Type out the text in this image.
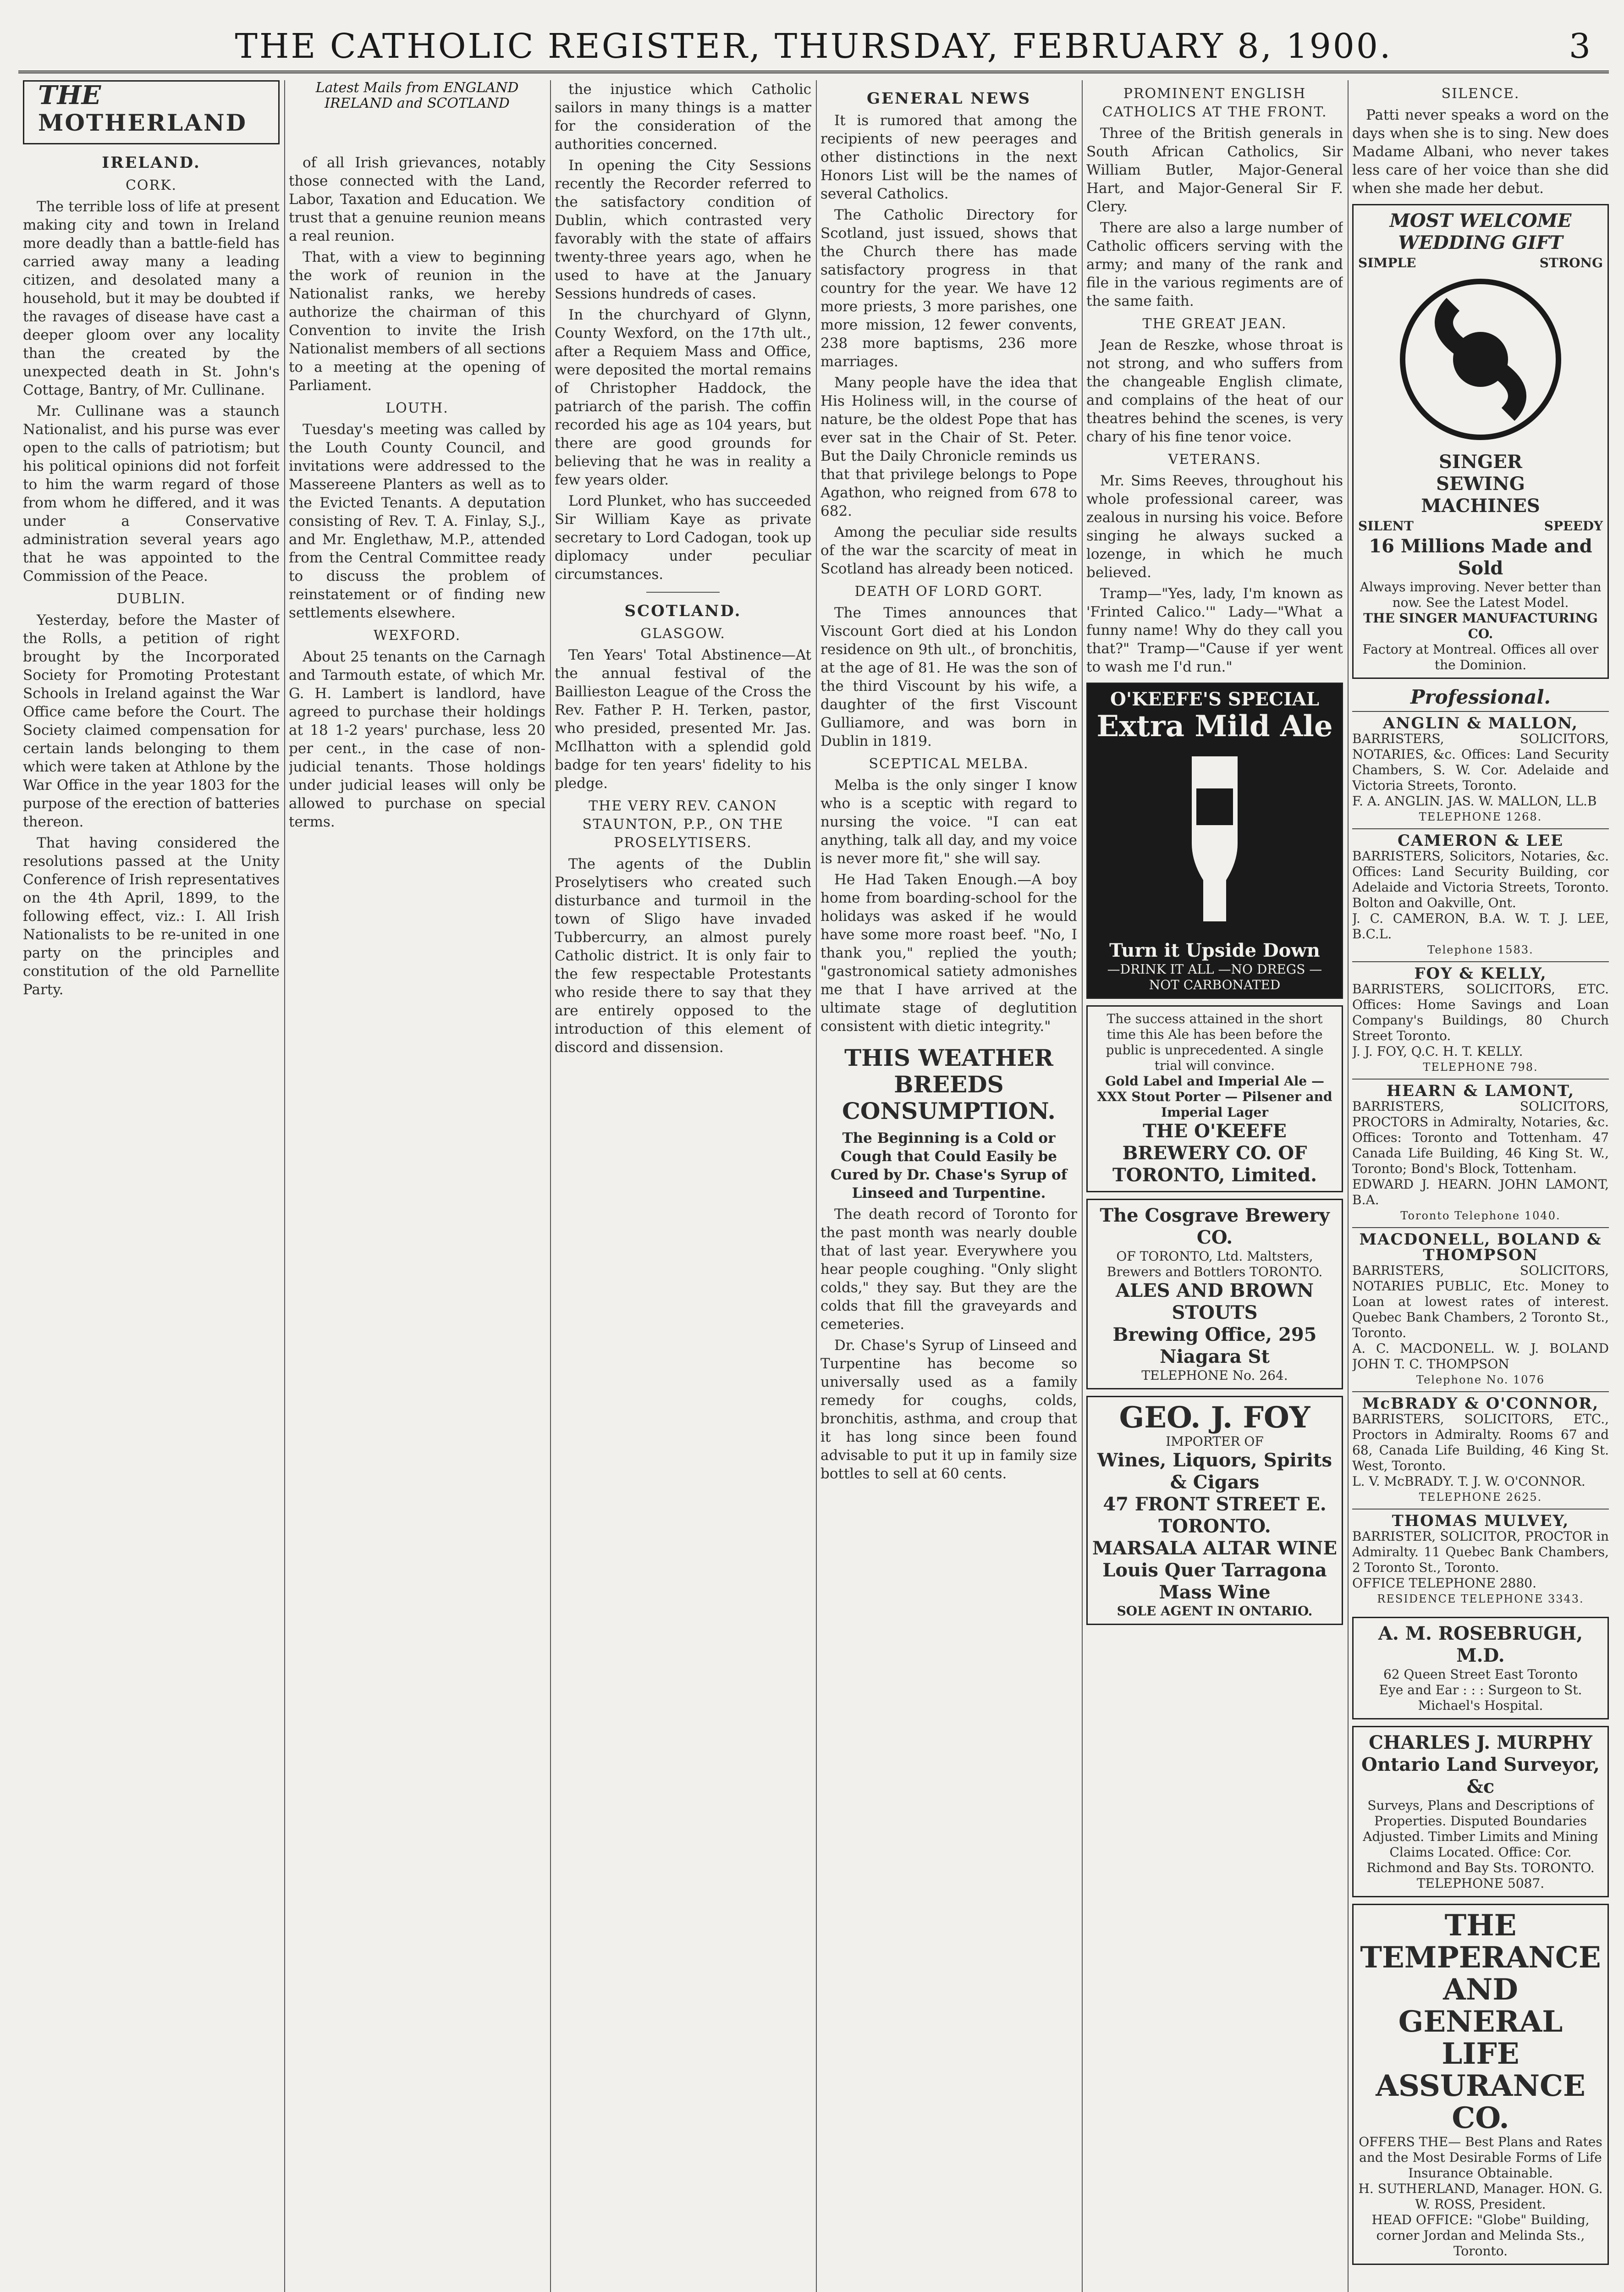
THE CATHOLIC REGISTER, THURSDAY, FEBRUARY 8, 1900.	3
THE
MOTHERLAND
IRELAND.
CORK.

The terrible loss of life at present making city and town in Ireland more deadly than a battle-field has carried away many a leading citizen, and desolated many a household, but it may be doubted if the ravages of disease have cast a deeper gloom over any locality than the created by the unexpected death in St. John's Cottage, Bantry, of Mr. Cullinane.

Mr. Cullinane was a staunch Nationalist, and his purse was ever open to the calls of patriotism; but his political opinions did not forfeit to him the warm regard of those from whom he differed, and it was under a Conservative administration several years ago that he was appointed to the Commission of the Peace.

DUBLIN.

Yesterday, before the Master of the Rolls, a petition of right brought by the Incorporated Society for Promoting Protestant Schools in Ireland against the War Office came before the Court. The Society claimed compensation for certain lands belonging to them which were taken at Athlone by the War Office in the year 1803 for the purpose of the erection of batteries thereon.

That having considered the resolutions passed at the Unity Conference of Irish representatives on the 4th April, 1899, to the following effect, viz.: I. All Irish Nationalists to be re-united in one party on the principles and constitution of the old Parnellite Party.

of all Irish grievances, notably those connected with the Land, Labor, Taxation and Education. We trust that a genuine reunion means a real reunion.

That, with a view to beginning the work of reunion in the Nationalist ranks, we hereby authorize the chairman of this Convention to invite the Irish Nationalist members of all sections to a meeting at the opening of Parliament.

LOUTH.

Tuesday's meeting was called by the Louth County Council, and invitations were addressed to the Massereene Planters as well as to the Evicted Tenants. A deputation consisting of Rev. T. A. Finlay, S.J., and Mr. Englethaw, M.P., attended from the Central Committee ready to discuss the problem of reinstatement or of finding new settlements elsewhere.

WEXFORD.

About 25 tenants on the Carnagh and Tarmouth estate, of which Mr. G. H. Lambert is landlord, have agreed to purchase their holdings at 18 1-2 years' purchase, less 20 per cent., in the case of non-judicial tenants. Those holdings under judicial leases will only be allowed to purchase on special terms.

Latest Mails from ENGLAND IRELAND and SCOTLAND

the injustice which Catholic sailors in many things is a matter for the consideration of the authorities concerned.

In opening the City Sessions recently the Recorder referred to the satisfactory condition of Dublin, which contrasted very favorably with the state of affairs twenty-three years ago, when he used to have at the January Sessions hundreds of cases.

In the churchyard of Glynn, County Wexford, on the 17th ult., after a Requiem Mass and Office, were deposited the mortal remains of Christopher Haddock, the patriarch of the parish. The coffin recorded his age as 104 years, but there are good grounds for believing that he was in reality a few years older.

Lord Plunket, who has succeeded Sir William Kaye as private secretary to Lord Cadogan, took up diplomacy under peculiar circumstances.

SCOTLAND.
GLASGOW.

Ten Years' Total Abstinence—At the annual festival of the Baillieston League of the Cross the Rev. Father P. H. Terken, pastor, who presided, presented Mr. Jas. McIlhatton with a splendid gold badge for ten years' fidelity to his pledge.

THE VERY REV. CANON STAUNTON, P.P., ON THE PROSELYTISERS.

The agents of the Dublin Proselytisers who created such disturbance and turmoil in the town of Sligo have invaded Tubbercurry, an almost purely Catholic district. It is only fair to the few respectable Protestants who reside there to say that they are entirely opposed to the introduction of this element of discord and dissension.

GENERAL NEWS

It is rumored that among the recipients of new peerages and other distinctions in the next Honors List will be the names of several Catholics.

The Catholic Directory for Scotland, just issued, shows that the Church there has made satisfactory progress in that country for the year. We have 12 more priests, 3 more parishes, one more mission, 12 fewer convents, 238 more baptisms, 236 more marriages.

Many people have the idea that His Holiness will, in the course of nature, be the oldest Pope that has ever sat in the Chair of St. Peter. But the Daily Chronicle reminds us that that privilege belongs to Pope Agathon, who reigned from 678 to 682.

Among the peculiar side results of the war the scarcity of meat in Scotland has already been noticed.

DEATH OF LORD GORT.

The Times announces that Viscount Gort died at his London residence on 9th ult., of bronchitis, at the age of 81. He was the son of the third Viscount by his wife, a daughter of the first Viscount Gulliamore, and was born in Dublin in 1819.

SCEPTICAL MELBA.

Melba is the only singer I know who is a sceptic with regard to nursing the voice. "I can eat anything, talk all day, and my voice is never more fit," she will say.

He Had Taken Enough.—A boy home from boarding-school for the holidays was asked if he would have some more roast beef. "No, I thank you," replied the youth; "gastronomical satiety admonishes me that I have arrived at the ultimate stage of deglutition consistent with dietic integrity."

THIS WEATHER BREEDS CONSUMPTION.

The Beginning is a Cold or Cough that Could Easily be Cured by Dr. Chase's Syrup of Linseed and Turpentine.

The death record of Toronto for the past month was nearly double that of last year. Everywhere you hear people coughing. "Only slight colds," they say. But they are the colds that fill the graveyards and cemeteries.

Dr. Chase's Syrup of Linseed and Turpentine has become so universally used as a family remedy for coughs, colds, bronchitis, asthma, and croup that it has long since been found advisable to put it up in family size bottles to sell at 60 cents.

PROMINENT ENGLISH CATHOLICS AT THE FRONT.

Three of the British generals in South African Catholics, Sir William Butler, Major-General Hart, and Major-General Sir F. Clery.

There are also a large number of Catholic officers serving with the army; and many of the rank and file in the various regiments are of the same faith.

THE GREAT JEAN.

Jean de Reszke, whose throat is not strong, and who suffers from the changeable English climate, and complains of the heat of our theatres behind the scenes, is very chary of his fine tenor voice.

VETERANS.

Mr. Sims Reeves, throughout his whole professional career, was zealous in nursing his voice. Before singing he always sucked a lozenge, in which he much believed.

Tramp—"Yes, lady, I'm known as 'Frinted Calico.'" Lady—"What a funny name! Why do they call you that?" Tramp—"Cause if yer went to wash me I'd run."

O'KEEFE'S SPECIAL
Extra Mild Ale
Turn it Upside Down
—DRINK IT ALL —NO DREGS —NOT CARBONATED
The success attained in the short time this Ale has been before the public is unprecedented. A single trial will convince.
Gold Label and Imperial Ale — XXX Stout Porter — Pilsener and Imperial Lager
THE O'KEEFE BREWERY CO. OF TORONTO, Limited.
The Cosgrave Brewery CO.
OF TORONTO, Ltd. Maltsters, Brewers and Bottlers TORONTO.
ALES AND BROWN STOUTS
Brewing Office, 295 Niagara St
TELEPHONE No. 264.
GEO. J. FOY
IMPORTER OF
Wines, Liquors, Spirits & Cigars
47 FRONT STREET E. TORONTO.
MARSALA ALTAR WINE
Louis Quer Tarragona Mass Wine
SOLE AGENT IN ONTARIO.
SILENCE.

Patti never speaks a word on the days when she is to sing. New does Madame Albani, who never takes less care of her voice than she did when she made her debut.

MOST WELCOME
WEDDING GIFT
SIMPLE	STRONG
SINGER
SEWING
MACHINES
SILENT	SPEEDY
16 Millions Made and Sold
Always improving. Never better than now. See the Latest Model.
THE SINGER MANUFACTURING CO.
Factory at Montreal. Offices all over the Dominion.
Professional.
ANGLIN & MALLON,
BARRISTERS, SOLICITORS, NOTARIES, &c. Offices: Land Security Chambers, S. W. Cor. Adelaide and Victoria Streets, Toronto.
F. A. ANGLIN. JAS. W. MALLON, LL.B
TELEPHONE 1268.
CAMERON & LEE
BARRISTERS, Solicitors, Notaries, &c. Offices: Land Security Building, cor Adelaide and Victoria Streets, Toronto. Bolton and Oakville, Ont.
J. C. CAMERON, B.A. W. T. J. LEE, B.C.L.
Telephone 1583.
FOY & KELLY,
BARRISTERS, SOLICITORS, ETC. Offices: Home Savings and Loan Company's Buildings, 80 Church Street Toronto.
J. J. FOY, Q.C. H. T. KELLY.
TELEPHONE 798.
HEARN & LAMONT,
BARRISTERS, SOLICITORS, PROCTORS in Admiralty, Notaries, &c. Offices: Toronto and Tottenham. 47 Canada Life Building, 46 King St. W., Toronto; Bond's Block, Tottenham.
EDWARD J. HEARN. JOHN LAMONT, B.A.
Toronto Telephone 1040.
MACDONELL, BOLAND & THOMPSON
BARRISTERS, SOLICITORS, NOTARIES PUBLIC, Etc. Money to Loan at lowest rates of interest. Quebec Bank Chambers, 2 Toronto St., Toronto.
A. C. MACDONELL. W. J. BOLAND JOHN T. C. THOMPSON
Telephone No. 1076
McBRADY & O'CONNOR,
BARRISTERS, SOLICITORS, ETC., Proctors in Admiralty. Rooms 67 and 68, Canada Life Building, 46 King St. West, Toronto.
L. V. McBRADY. T. J. W. O'CONNOR.
TELEPHONE 2625.
THOMAS MULVEY,
BARRISTER, SOLICITOR, PROCTOR in Admiralty. 11 Quebec Bank Chambers, 2 Toronto St., Toronto.
OFFICE TELEPHONE 2880.
RESIDENCE TELEPHONE 3343.
A. M. ROSEBRUGH, M.D.
62 Queen Street East Toronto
Eye and Ear : : : Surgeon to St. Michael's Hospital.
CHARLES J. MURPHY
Ontario Land Surveyor, &c
Surveys, Plans and Descriptions of Properties. Disputed Boundaries Adjusted. Timber Limits and Mining Claims Located. Office: Cor. Richmond and Bay Sts. TORONTO.
TELEPHONE 5087.
THE TEMPERANCE
AND GENERAL LIFE
ASSURANCE CO.
OFFERS THE— Best Plans and Rates and the Most Desirable Forms of Life Insurance Obtainable.
H. SUTHERLAND, Manager. HON. G. W. ROSS, President.
HEAD OFFICE: "Globe" Building, corner Jordan and Melinda Sts., Toronto.
